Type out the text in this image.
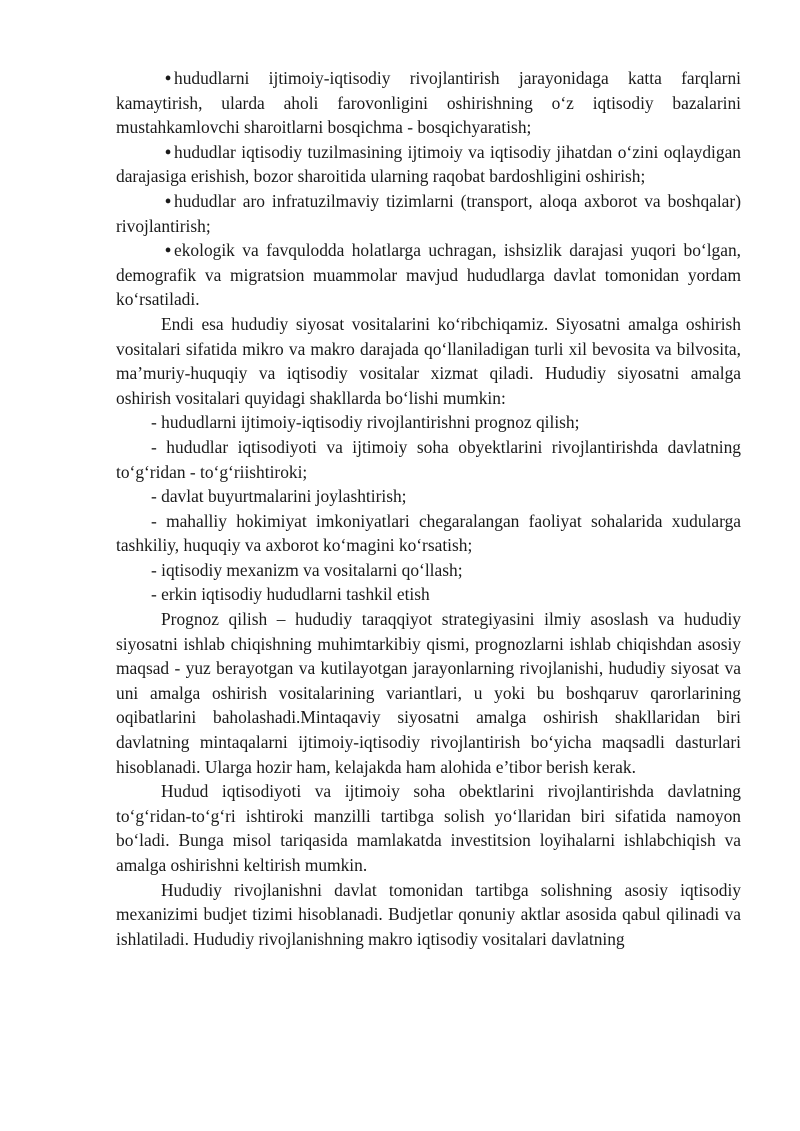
• hududlarni ijtimoiy-iqtisodiy rivojlantirish jarayonidaga katta farqlarni kamaytirish, ularda aholi farovonligini oshirishning o‘z iqtisodiy bazalarini mustahkamlovchi sharoitlarni bosqichma - bosqichyaratish;

• hududlar iqtisodiy tuzilmasining ijtimoiy va iqtisodiy jihatdan o‘zini oqlaydigan darajasiga erishish, bozor sharoitida ularning raqobat bardoshligini oshirish;

• hududlar aro infratuzilmaviy tizimlarni (transport, aloqa axborot va boshqalar) rivojlantirish;

• ekologik va favqulodda holatlarga uchragan, ishsizlik darajasi yuqori bo‘lgan, demografik va migratsion muammolar mavjud hududlarga davlat tomonidan yordam ko‘rsatiladi.

Endi esa hududiy siyosat vositalarini ko‘ribchiqamiz. Siyosatni amalga oshirish vositalari sifatida mikro va makro darajada qo‘llaniladigan turli xil bevosita va bilvosita, ma’muriy-huquqiy va iqtisodiy vositalar xizmat qiladi. Hududiy siyosatni amalga oshirish vositalari quyidagi shakllarda bo‘lishi mumkin:

- hududlarni ijtimoiy-iqtisodiy rivojlantirishni prognoz qilish;

- hududlar iqtisodiyoti va ijtimoiy soha obyektlarini rivojlantirishda davlatning to‘g‘ridan - to‘g‘riishtiroki;

- davlat buyurtmalarini joylashtirish;

- mahalliy hokimiyat imkoniyatlari chegaralangan faoliyat sohalarida xudularga tashkiliy, huquqiy va axborot ko‘magini ko‘rsatish;

- iqtisodiy mexanizm va vositalarni qo‘llash;

- erkin iqtisodiy hududlarni tashkil etish

Prognoz qilish – hududiy taraqqiyot strategiyasini ilmiy asoslash va hududiy siyosatni ishlab chiqishning muhimtarkibiy qismi, prognozlarni ishlab chiqishdan asosiy maqsad - yuz berayotgan va kutilayotgan jarayonlarning rivojlanishi, hududiy siyosat va uni amalga oshirish vositalarining variantlari, u yoki bu boshqaruv qarorlarining oqibatlarini baholashadi.Mintaqaviy siyosatni amalga oshirish shakllaridan biri davlatning mintaqalarni ijtimoiy-iqtisodiy rivojlantirish bo‘yicha maqsadli dasturlari hisoblanadi. Ularga hozir ham, kelajakda ham alohida e’tibor berish kerak.

Hudud iqtisodiyoti va ijtimoiy soha obektlarini rivojlantirishda davlatning to‘g‘ridan-to‘g‘ri ishtiroki manzilli tartibga solish yo‘llaridan biri sifatida namoyon bo‘ladi. Bunga misol tariqasida mamlakatda investitsion loyihalarni ishlabchiqish va amalga oshirishni keltirish mumkin.

Hududiy rivojlanishni davlat tomonidan tartibga solishning asosiy iqtisodiy mexanizimi budjet tizimi hisoblanadi. Budjetlar qonuniy aktlar asosida qabul qilinadi va ishlatiladi. Hududiy rivojlanishning makro iqtisodiy vositalari davlatning
